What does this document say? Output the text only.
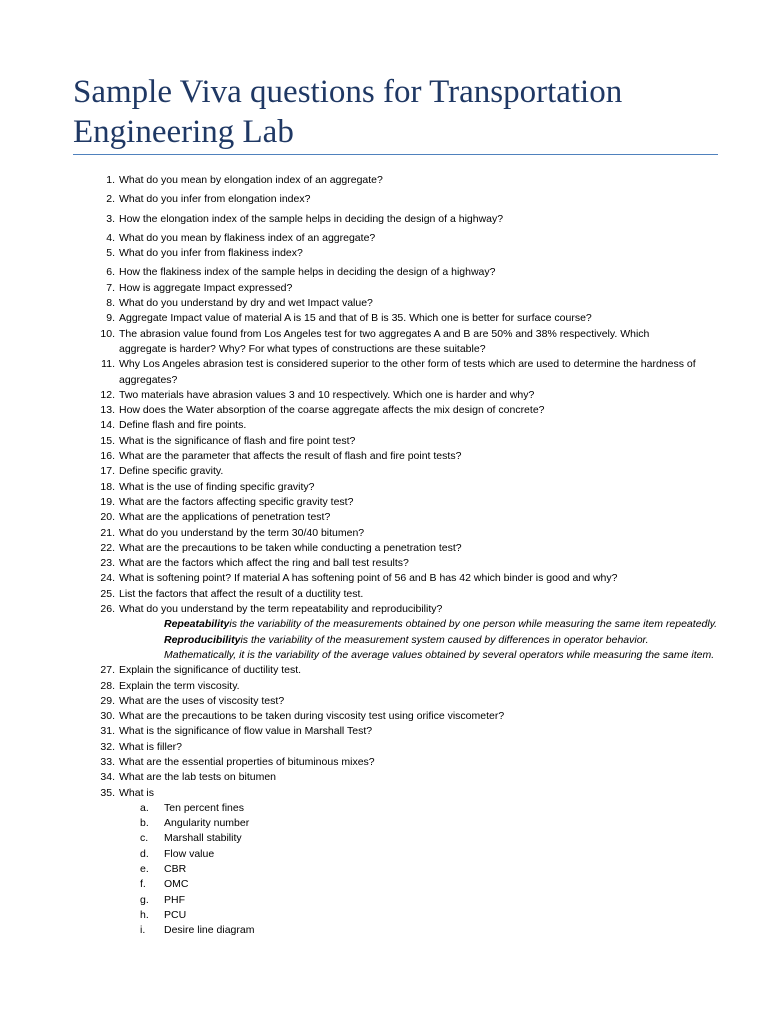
Sample Viva questions for Transportation Engineering Lab
1. What do you mean by elongation index of an aggregate?
2. What do you infer from elongation index?
3. How the elongation index of the sample helps in deciding the design of a highway?
4. What do you mean by flakiness index of an aggregate?
5. What do you infer from flakiness index?
6. How the flakiness index of the sample helps in deciding the design of a highway?
7. How is aggregate Impact expressed?
8. What do you understand by dry and wet Impact value?
9. Aggregate Impact value of material A is 15 and that of B is 35. Which one is better for surface course?
10. The abrasion value found from Los Angeles test for two aggregates A and B are 50% and 38% respectively. Which aggregate is harder? Why? For what types of constructions are these suitable?
11. Why Los Angeles abrasion test is considered superior to the other form of tests which are used to determine the hardness of aggregates?
12. Two materials have abrasion values 3 and 10 respectively. Which one is harder and why?
13. How does the Water absorption of the coarse aggregate affects the mix design of concrete?
14. Define flash and fire points.
15. What is the significance of flash and fire point test?
16. What are the parameter that affects the result of flash and fire point tests?
17. Define specific gravity.
18. What is the use of finding specific gravity?
19. What are the factors affecting specific gravity test?
20. What are the applications of penetration test?
21. What do you understand by the term 30/40 bitumen?
22. What are the precautions to be taken while conducting a penetration test?
23. What are the factors which affect the ring and ball test results?
24. What is softening point? If material A has softening point of 56 and B has 42 which binder is good and why?
25. List the factors that affect the result of a ductility test.
26. What do you understand by the term repeatability and reproducibility?
Repeatabilityis the variability of the measurements obtained by one person while measuring the same item repeatedly.
Reproducibilityis the variability of the measurement system caused by differences in operator behavior. Mathematically, it is the variability of the average values obtained by several operators while measuring the same item.
27. Explain the significance of ductility test.
28. Explain the term viscosity.
29. What are the uses of viscosity test?
30. What are the precautions to be taken during viscosity test using orifice viscometer?
31. What is the significance of flow value in Marshall Test?
32. What is filler?
33. What are the essential properties of bituminous mixes?
34. What are the lab tests on bitumen
35. What is
a. Ten percent fines
b. Angularity number
c. Marshall stability
d. Flow value
e. CBR
f. OMC
g. PHF
h. PCU
i. Desire line diagram
